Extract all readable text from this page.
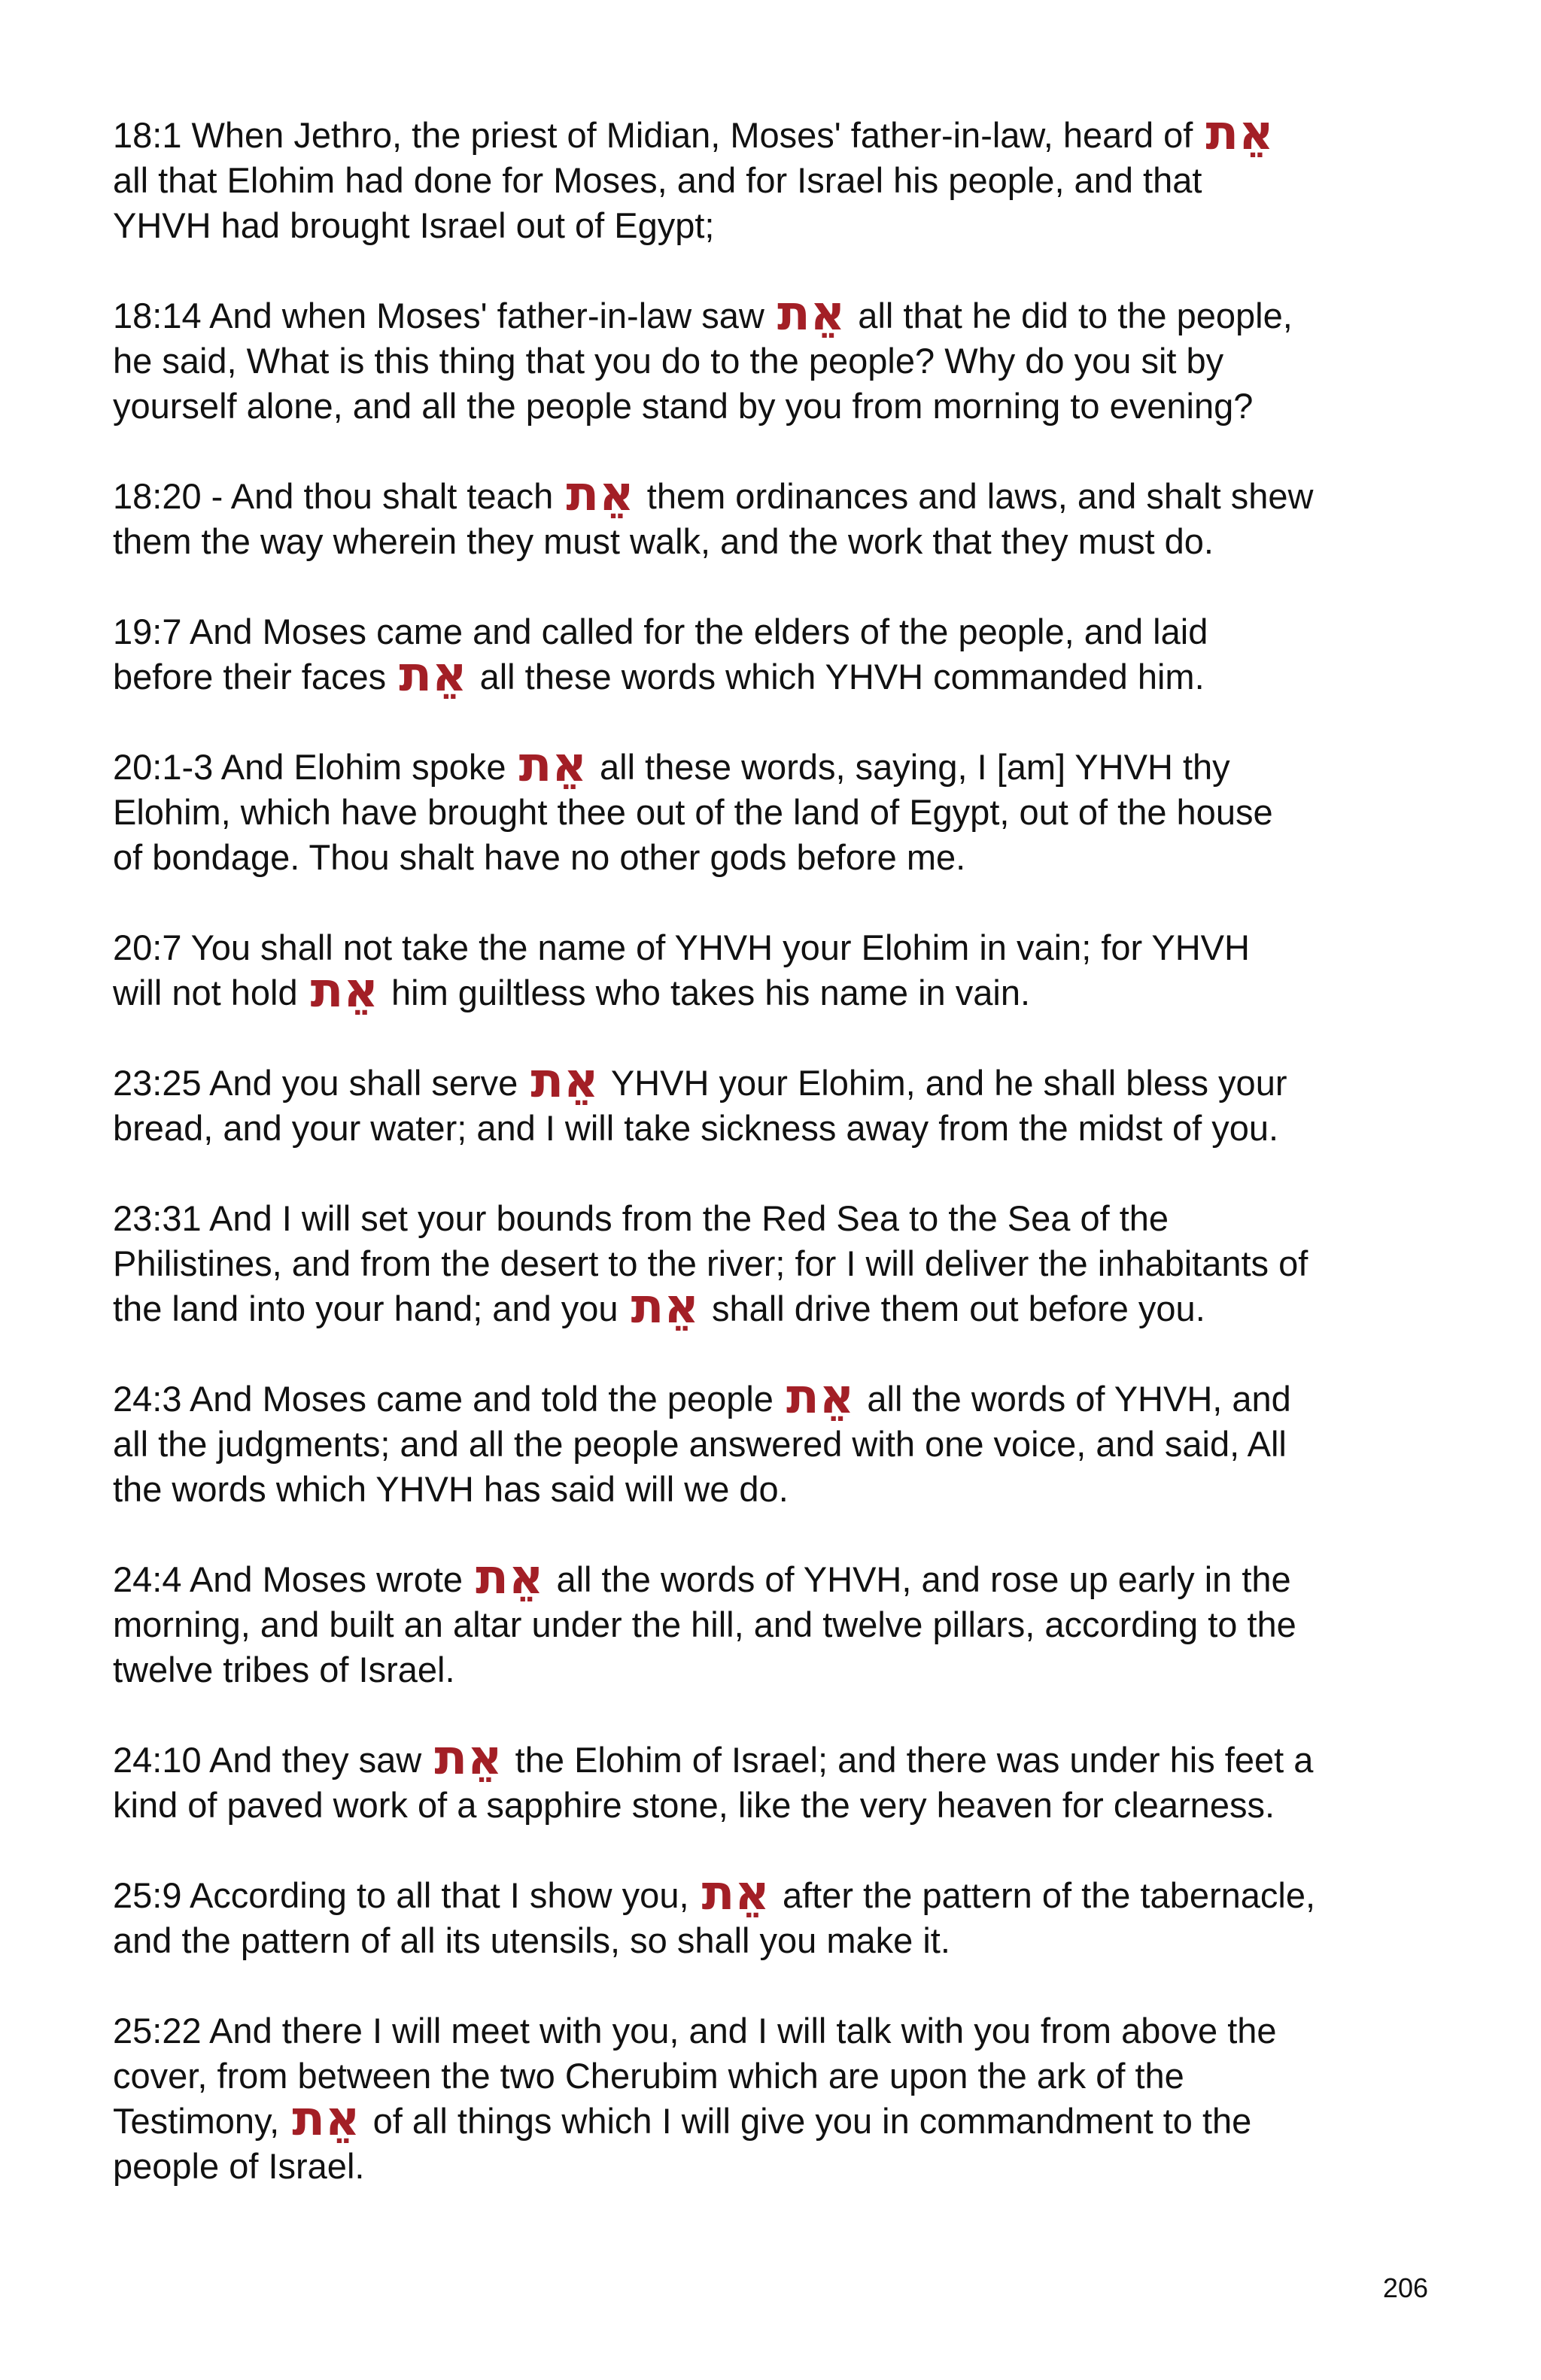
18:1 When Jethro, the priest of Midian, Moses' father-in-law, heard of אֵת
all that Elohim had done for Moses, and for Israel his people, and that
YHVH had brought Israel out of Egypt;

18:14 And when Moses' father-in-law saw אֵת all that he did to the people,
he said, What is this thing that you do to the people? Why do you sit by
yourself alone, and all the people stand by you from morning to evening?

18:20 - And thou shalt teach אֵת them ordinances and laws, and shalt shew
them the way wherein they must walk, and the work that they must do.

19:7 And Moses came and called for the elders of the people, and laid
before their faces אֵת all these words which YHVH commanded him.

20:1-3 And Elohim spoke אֵת all these words, saying, I [am] YHVH thy
Elohim, which have brought thee out of the land of Egypt, out of the house
of bondage. Thou shalt have no other gods before me.

20:7 You shall not take the name of YHVH your Elohim in vain; for YHVH
will not hold אֵת him guiltless who takes his name in vain.

23:25 And you shall serve אֵת YHVH your Elohim, and he shall bless your
bread, and your water; and I will take sickness away from the midst of you.

23:31 And I will set your bounds from the Red Sea to the Sea of the
Philistines, and from the desert to the river; for I will deliver the inhabitants of
the land into your hand; and you אֵת shall drive them out before you.

24:3 And Moses came and told the people אֵת all the words of YHVH, and
all the judgments; and all the people answered with one voice, and said, All
the words which YHVH has said will we do.

24:4 And Moses wrote אֵת all the words of YHVH, and rose up early in the
morning, and built an altar under the hill, and twelve pillars, according to the
twelve tribes of Israel.

24:10 And they saw אֵת the Elohim of Israel; and there was under his feet a
kind of paved work of a sapphire stone, like the very heaven for clearness.

25:9 According to all that I show you, אֵת after the pattern of the tabernacle,
and the pattern of all its utensils, so shall you make it.

25:22 And there I will meet with you, and I will talk with you from above the
cover, from between the two Cherubim which are upon the ark of the
Testimony, אֵת of all things which I will give you in commandment to the
people of Israel.

206
